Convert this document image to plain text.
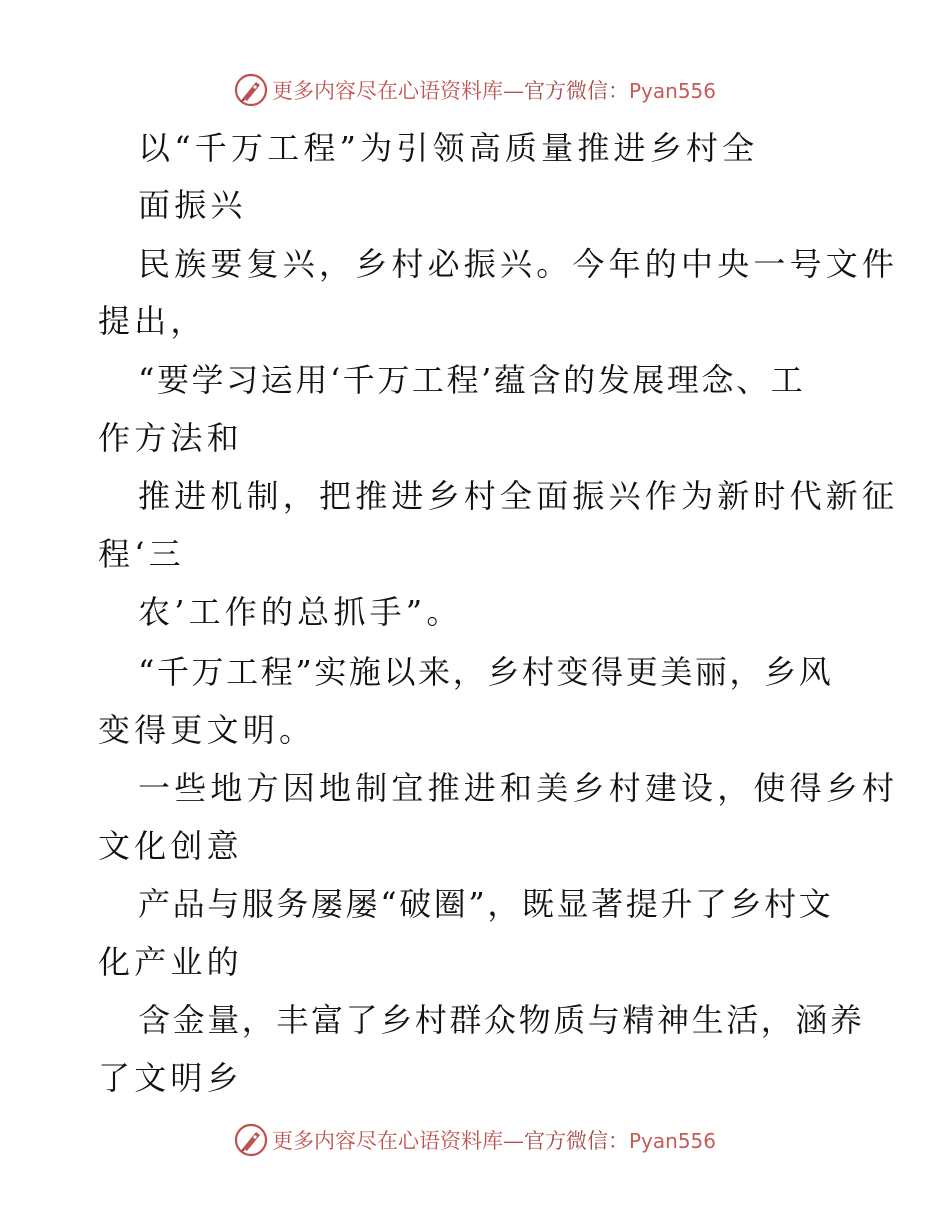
更多内容尽在心语资料库—官方微信：Pyan556
以“千万工程”为引领高质量推进乡村全
面振兴
民族要复兴，乡村必振兴。今年的中央一号文件
提出，
“要学习运用‘千万工程’蕴含的发展理念、工
作方法和
推进机制，把推进乡村全面振兴作为新时代新征
程‘三
农’工作的总抓手”。
“千万工程”实施以来，乡村变得更美丽，乡风
变得更文明。
一些地方因地制宜推进和美乡村建设，使得乡村
文化创意
产品与服务屡屡“破圈”，既显著提升了乡村文
化产业的
含金量，丰富了乡村群众物质与精神生活，涵养
了文明乡
更多内容尽在心语资料库—官方微信：Pyan556
